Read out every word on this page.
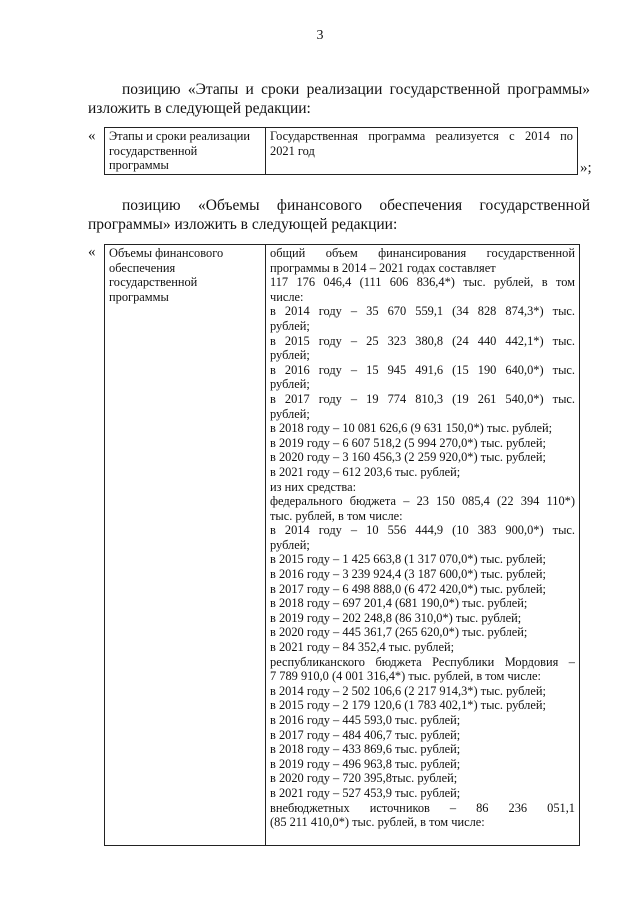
3
позицию «Этапы и сроки реализации государственной программы»
изложить в следующей редакции:
« Этапы и сроки реализации
государственной
программы

Государственная программа реализуется с 2014 по
2021 год
»;
позицию «Объемы финансового обеспечения государственной
программы» изложить в следующей редакции:
« Объемы финансового
обеспечения
государственной
программы

общий объем финансирования государственной
программы в 2014 – 2021 годах составляет
117 176 046,4 (111 606 836,4*) тыс. рублей, в том
числе:
в 2014 году – 35 670 559,1 (34 828 874,3*) тыс.
рублей;
в 2015 году – 25 323 380,8 (24 440 442,1*) тыс.
рублей;
в 2016 году – 15 945 491,6 (15 190 640,0*) тыс.
рублей;
в 2017 году – 19 774 810,3 (19 261 540,0*) тыс.
рублей;
в 2018 году – 10 081 626,6 (9 631 150,0*) тыс. рублей;
в 2019 году – 6 607 518,2 (5 994 270,0*) тыс. рублей;
в 2020 году – 3 160 456,3 (2 259 920,0*) тыс. рублей;
в 2021 году – 612 203,6 тыс. рублей;
из них средства:
федерального бюджета – 23 150 085,4 (22 394 110*)
тыс. рублей, в том числе:
в 2014 году – 10 556 444,9 (10 383 900,0*) тыс.
рублей;
в 2015 году – 1 425 663,8 (1 317 070,0*) тыс. рублей;
в 2016 году – 3 239 924,4 (3 187 600,0*) тыс. рублей;
в 2017 году – 6 498 888,0 (6 472 420,0*) тыс. рублей;
в 2018 году – 697 201,4 (681 190,0*) тыс. рублей;
в 2019 году – 202 248,8 (86 310,0*) тыс. рублей;
в 2020 году – 445 361,7 (265 620,0*) тыс. рублей;
в 2021 году – 84 352,4 тыс. рублей;
республиканского бюджета Республики Мордовия –
7 789 910,0 (4 001 316,4*) тыс. рублей, в том числе:
в 2014 году – 2 502 106,6 (2 217 914,3*) тыс. рублей;
в 2015 году – 2 179 120,6 (1 783 402,1*) тыс. рублей;
в 2016 году – 445 593,0 тыс. рублей;
в 2017 году – 484 406,7 тыс. рублей;
в 2018 году – 433 869,6 тыс. рублей;
в 2019 году – 496 963,8 тыс. рублей;
в 2020 году – 720 395,8тыс. рублей;
в 2021 году – 527 453,9 тыс. рублей;
внебюджетных источников – 86 236 051,1
(85 211 410,0*) тыс. рублей, в том числе:
